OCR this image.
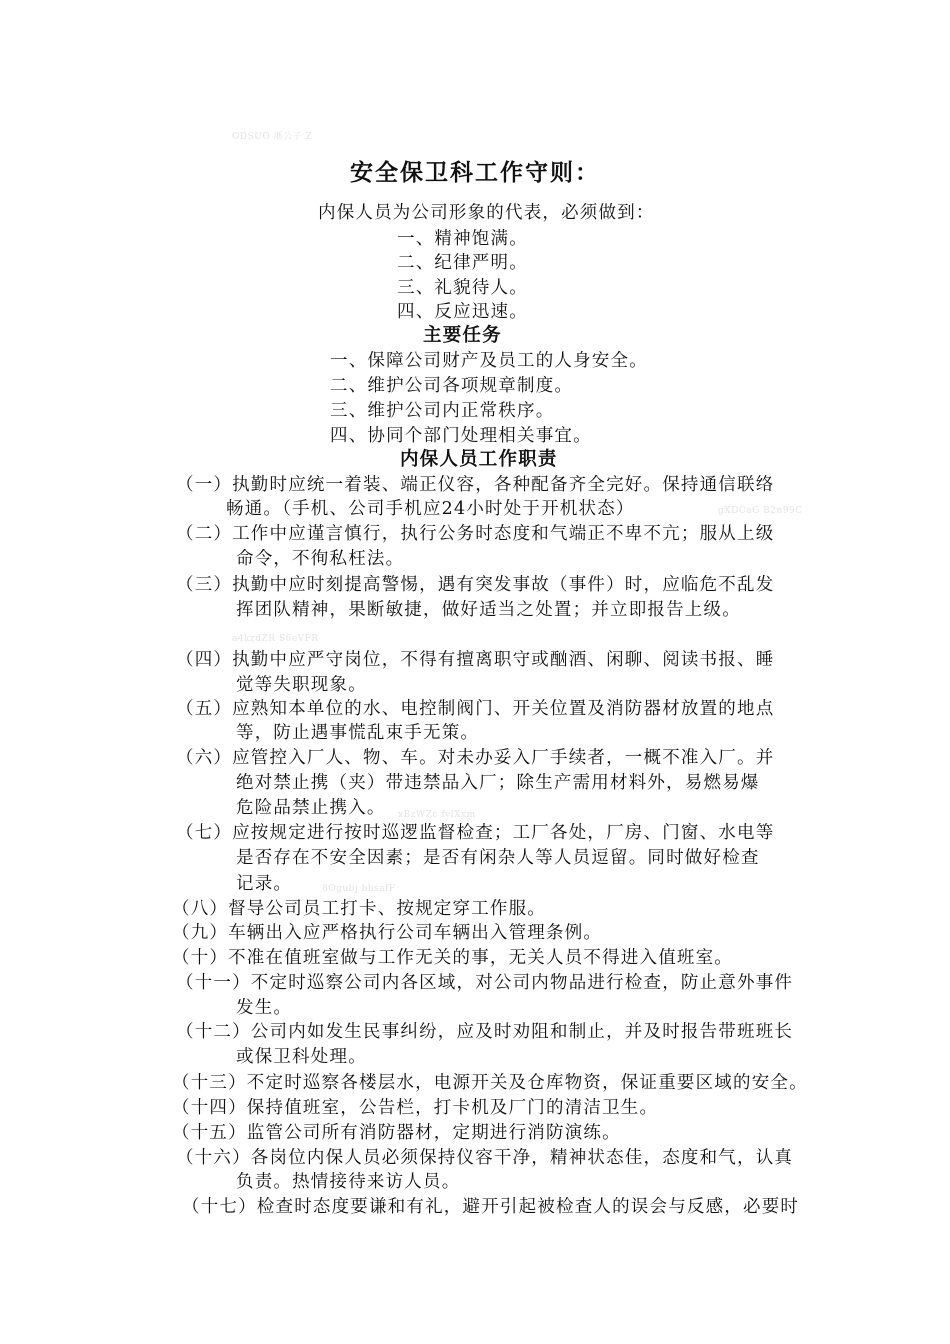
ODSUO 浙公子 Z
gXDCaG B2n99C
a4kzdZR S6eVFR
xBzWZc fvlXxm
8Ogubj bhsafF
安全保卫科工作守则：
内保人员为公司形象的代表，必须做到：
一、精神饱满。
二、纪律严明。
三、礼貌待人。
四、反应迅速。
主要任务
一、保障公司财产及员工的人身安全。
二、维护公司各项规章制度。
三、维护公司内正常秩序。
四、协同个部门处理相关事宜。
内保人员工作职责
（一）执勤时应统一着装、端正仪容，各种配备齐全完好。保持通信联络
畅通。（手机、公司手机应24小时处于开机状态）
（二）工作中应谨言慎行，执行公务时态度和气端正不卑不亢；服从上级
命令，不徇私枉法。
（三）执勤中应时刻提高警惕，遇有突发事故（事件）时，应临危不乱发
挥团队精神，果断敏捷，做好适当之处置；并立即报告上级。
（四）执勤中应严守岗位，不得有擅离职守或酗酒、闲聊、阅读书报、睡
觉等失职现象。
（五）应熟知本单位的水、电控制阀门、开关位置及消防器材放置的地点
等，防止遇事慌乱束手无策。
（六）应管控入厂人、物、车。对未办妥入厂手续者，一概不准入厂。并
绝对禁止携（夹）带违禁品入厂；除生产需用材料外，易燃易爆
危险品禁止携入。
（七）应按规定进行按时巡逻监督检查；工厂各处，厂房、门窗、水电等
是否存在不安全因素；是否有闲杂人等人员逗留。同时做好检查
记录。
（八）督导公司员工打卡、按规定穿工作服。
（九）车辆出入应严格执行公司车辆出入管理条例。
（十）不准在值班室做与工作无关的事，无关人员不得进入值班室。
（十一）不定时巡察公司内各区域，对公司内物品进行检查，防止意外事件
发生。
（十二）公司内如发生民事纠纷，应及时劝阻和制止，并及时报告带班班长
或保卫科处理。
（十三）不定时巡察各楼层水，电源开关及仓库物资，保证重要区域的安全。
（十四）保持值班室，公告栏，打卡机及厂门的清洁卫生。
（十五）监管公司所有消防器材，定期进行消防演练。
（十六）各岗位内保人员必须保持仪容干净，精神状态佳，态度和气，认真
负责。热情接待来访人员。
（十七）检查时态度要谦和有礼，避开引起被检查人的误会与反感，必要时
